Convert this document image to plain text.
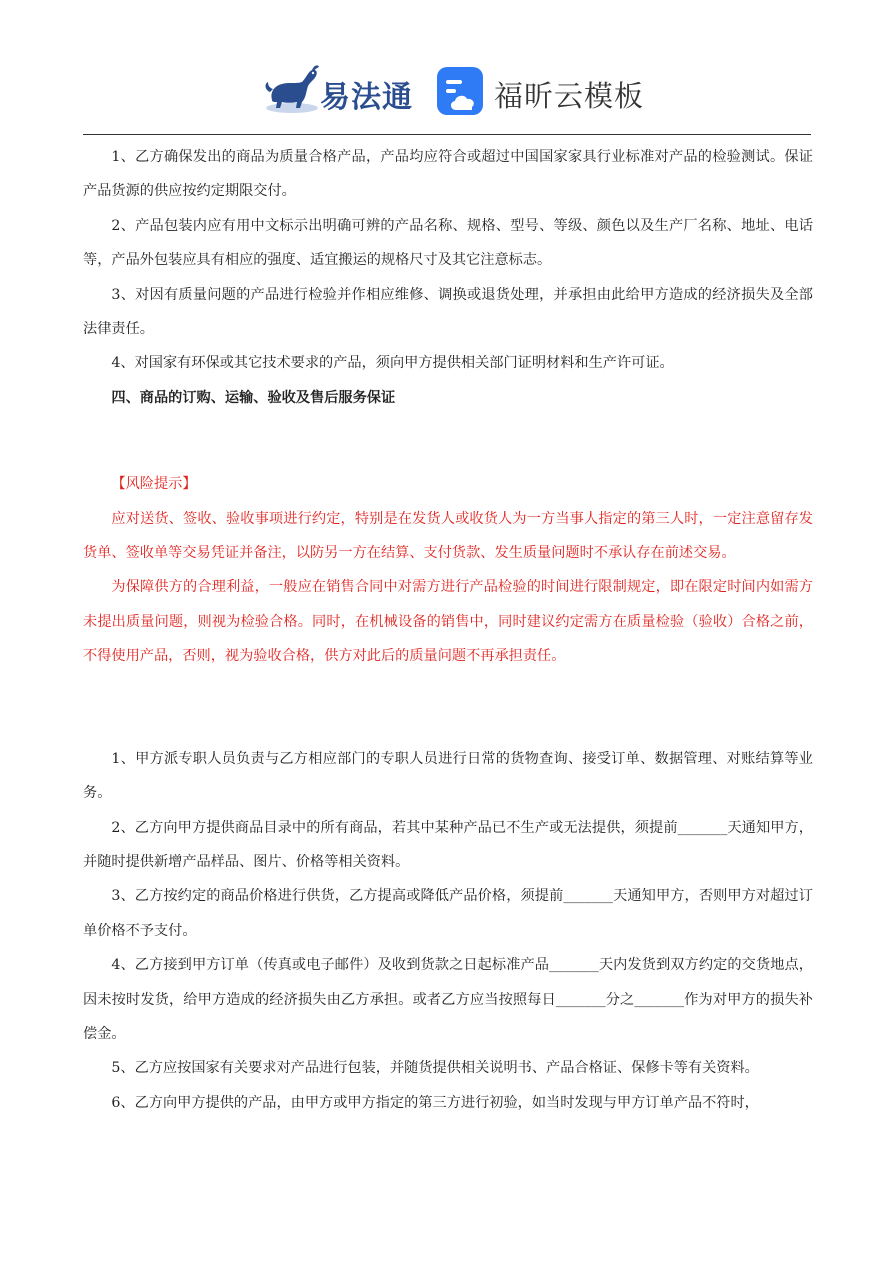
易法通	福昕云模板

1、乙方确保发出的商品为质量合格产品，产品均应符合或超过中国国家家具行业标准对产品的检验测试。保证产品货源的供应按约定期限交付。

2、产品包装内应有用中文标示出明确可辨的产品名称、规格、型号、等级、颜色以及生产厂名称、地址、电话等，产品外包装应具有相应的强度、适宜搬运的规格尺寸及其它注意标志。

3、对因有质量问题的产品进行检验并作相应维修、调换或退货处理，并承担由此给甲方造成的经济损失及全部法律责任。

4、对国家有环保或其它技术要求的产品，须向甲方提供相关部门证明材料和生产许可证。

四、商品的订购、运输、验收及售后服务保证

【风险提示】

应对送货、签收、验收事项进行约定，特别是在发货人或收货人为一方当事人指定的第三人时，一定注意留存发货单、签收单等交易凭证并备注，以防另一方在结算、支付货款、发生质量问题时不承认存在前述交易。

为保障供方的合理利益，一般应在销售合同中对需方进行产品检验的时间进行限制规定，即在限定时间内如需方未提出质量问题，则视为检验合格。同时，在机械设备的销售中，同时建议约定需方在质量检验（验收）合格之前，不得使用产品，否则，视为验收合格，供方对此后的质量问题不再承担责任。

1、甲方派专职人员负责与乙方相应部门的专职人员进行日常的货物查询、接受订单、数据管理、对账结算等业务。

2、乙方向甲方提供商品目录中的所有商品，若其中某种产品已不生产或无法提供，须提前_______天通知甲方，并随时提供新增产品样品、图片、价格等相关资料。

3、乙方按约定的商品价格进行供货，乙方提高或降低产品价格，须提前_______天通知甲方，否则甲方对超过订单价格不予支付。

4、乙方接到甲方订单（传真或电子邮件）及收到货款之日起标准产品_______天内发货到双方约定的交货地点，因未按时发货，给甲方造成的经济损失由乙方承担。或者乙方应当按照每日_______分之_______作为对甲方的损失补偿金。

5、乙方应按国家有关要求对产品进行包装，并随货提供相关说明书、产品合格证、保修卡等有关资料。

6、乙方向甲方提供的产品，由甲方或甲方指定的第三方进行初验，如当时发现与甲方订单产品不符时，
